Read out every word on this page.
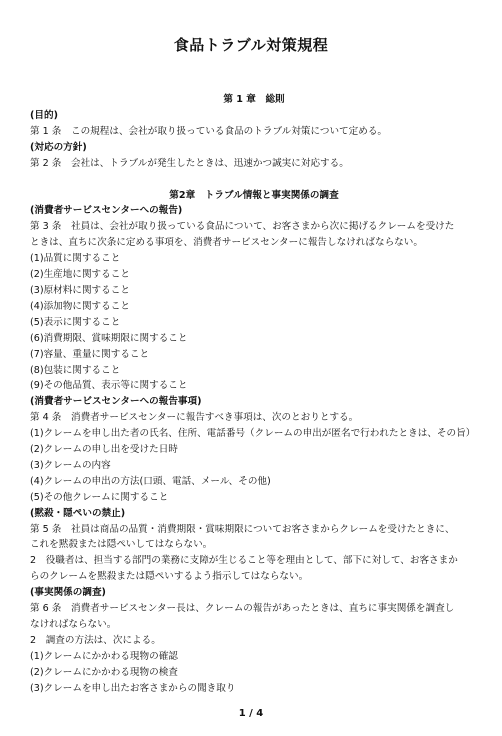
食品トラブル対策規程
第 1 章　総則
(目的)
第 1 条　この規程は、会社が取り扱っている食品のトラブル対策について定める。
(対応の方針)
第 2 条　会社は、トラブルが発生したときは、迅速かつ誠実に対応する。
第2章　トラブル情報と事実関係の調査
(消費者サービスセンターへの報告)
第 3 条　社員は、会社が取り扱っている食品について、お客さまから次に掲げるクレームを受けた
ときは、直ちに次条に定める事項を、消費者サービスセンターに報告しなければならない。
(1)品質に関すること
(2)生産地に関すること
(3)原材料に関すること
(4)添加物に関すること
(5)表示に関すること
(6)消費期限、賞味期限に関すること
(7)容量、重量に関すること
(8)包装に関すること
(9)その他品質、表示等に関すること
(消費者サービスセンターへの報告事項)
第 4 条　消費者サービスセンターに報告すべき事項は、次のとおりとする。
(1)クレームを申し出た者の氏名、住所、電話番号（クレームの申出が匿名で行われたときは、その旨）
(2)クレームの申し出を受けた日時
(3)クレームの内容
(4)クレームの申出の方法(口頭、電話、メール、その他)
(5)その他クレームに関すること
(黙殺・隠ぺいの禁止)
第 5 条　社員は商品の品質・消費期限・賞味期限についてお客さまからクレームを受けたときに、
これを黙殺または隠ぺいしてはならない。
2　役職者は、担当する部門の業務に支障が生じること等を理由として、部下に対して、お客さまか
らのクレームを黙殺または隠ぺいするよう指示してはならない。
(事実関係の調査)
第 6 条　消費者サービスセンター長は、クレームの報告があったときは、直ちに事実関係を調査し
なければならない。
2　調査の方法は、次による。
(1)クレームにかかわる現物の確認
(2)クレームにかかわる現物の検査
(3)クレームを申し出たお客さまからの聞き取り
1 / 4
